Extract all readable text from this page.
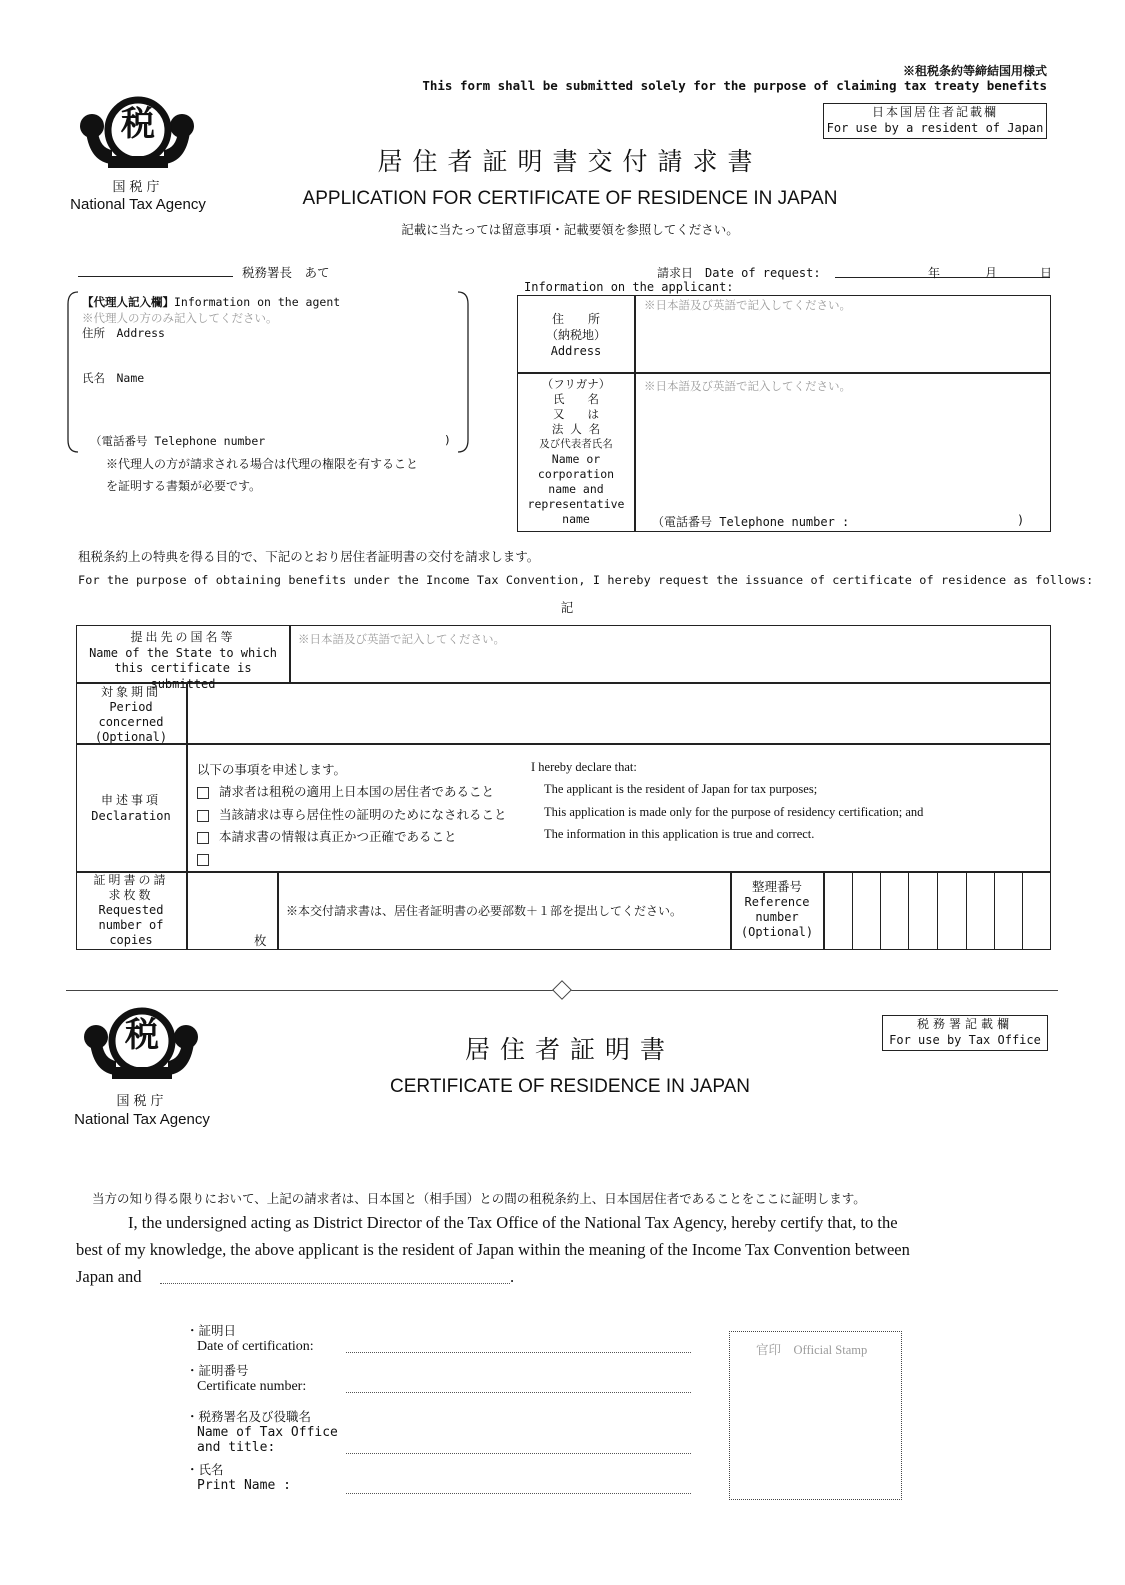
※租税条約等締結国用様式
This form shall be submitted solely for the purpose of claiming tax treaty benefits
日本国居住者記載欄
For use by a resident of Japan
税
国税庁
National Tax Agency
居住者証明書交付請求書
APPLICATION FOR CERTIFICATE OF RESIDENCE IN JAPAN
記載に当たっては留意事項・記載要領を参照してください。
税務署長　あて	請求日　Date of request:	年	月	日
【代理人記入欄】Information on the agent
※代理人の方のみ記入してください。
住所　Address
氏名　Name
（電話番号 Telephone number	)
※代理人の方が請求される場合は代理の権限を有すること
を証明する書類が必要です。
Information on the applicant:
住　　所
（納税地）
Address
※日本語及び英語で記入してください。
（フリガナ）
氏　　名
又　　は
法 人 名
及び代表者氏名
Name or corporation name and representative name
※日本語及び英語で記入してください。
（電話番号 Telephone number :	)
租税条約上の特典を得る目的で、下記のとおり居住者証明書の交付を請求します。
For the purpose of obtaining benefits under the Income Tax Convention, I hereby request the issuance of certificate of residence as follows:
記
提出先の国名等
Name of the State to which this certificate is submitted
※日本語及び英語で記入してください。
対象期間
Period concerned (Optional)
申述事項
Declaration
以下の事項を申述します。	I hereby declare that:
請求者は租税の適用上日本国の居住者であること	The applicant is the resident of Japan for tax purposes;
当該請求は専ら居住性の証明のためになされること	This application is made only for the purpose of residency certification; and
本請求書の情報は真正かつ正確であること	The information in this application is true and correct.
証明書の請求枚数
Requested number of copies	枚
※本交付請求書は、居住者証明書の必要部数＋１部を提出してください。
整理番号
Reference number (Optional)
税
国税庁
National Tax Agency
税務署記載欄
For use by Tax Office
居住者証明書
CERTIFICATE OF RESIDENCE IN JAPAN
当方の知り得る限りにおいて、上記の請求者は、日本国と（相手国）との間の租税条約上、日本国居住者であることをここに証明します。
I, the undersigned acting as District Director of the Tax Office of the National Tax Agency, hereby certify that, to the
best of my knowledge, the above applicant is the resident of Japan within the meaning of the Income Tax Convention between
Japan and	.
・証明日
Date of certification:
・証明番号
Certificate number:
・税務署名及び役職名
Name of Tax Office
and title:
・氏名
Print Name :
官印　Official Stamp
